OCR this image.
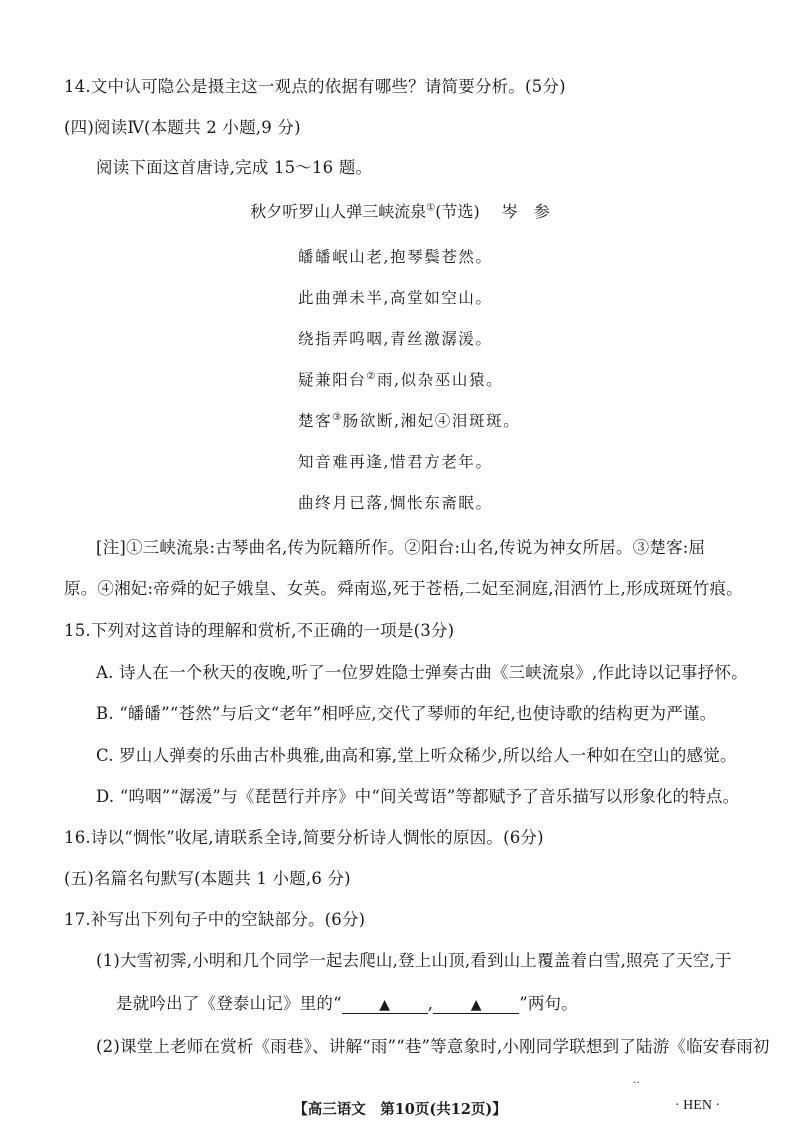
14.文中认可隐公是摄主这一观点的依据有哪些？请简要分析。(5分)
(四)阅读Ⅳ(本题共 2 小题,9 分)
阅读下面这首唐诗,完成 15～16 题。
秋夕听罗山人弹三峡流泉①(节选) 岑　参
皤皤岷山老,抱琴鬓苍然。
此曲弹未半,高堂如空山。
绕指弄呜咽,青丝激潺湲。
疑兼阳台②雨,似杂巫山猿。
楚客③肠欲断,湘妃④泪斑斑。
知音难再逢,惜君方老年。
曲终月已落,惆怅东斋眠。
[注]①三峡流泉:古琴曲名,传为阮籍所作。②阳台:山名,传说为神女所居。③楚客:屈
原。④湘妃:帝舜的妃子娥皇、女英。舜南巡,死于苍梧,二妃至洞庭,泪洒竹上,形成斑斑竹痕。
15.下列对这首诗的理解和赏析,不正确的一项是(3分)
A. 诗人在一个秋天的夜晚,听了一位罗姓隐士弹奏古曲《三峡流泉》,作此诗以记事抒怀。
B. “皤皤”“苍然”与后文“老年”相呼应,交代了琴师的年纪,也使诗歌的结构更为严谨。
C. 罗山人弹奏的乐曲古朴典雅,曲高和寡,堂上听众稀少,所以给人一种如在空山的感觉。
D. “呜咽”“潺湲”与《琵琶行并序》中“间关莺语”等都赋予了音乐描写以形象化的特点。
16.诗以“惆怅”收尾,请联系全诗,简要分析诗人惆怅的原因。(6分)
(五)名篇名句默写(本题共 1 小题,6 分)
17.补写出下列句子中的空缺部分。(6分)
(1)大雪初霁,小明和几个同学一起去爬山,登上山顶,看到山上覆盖着白雪,照亮了天空,于
是就吟出了《登泰山记》里的“	▲ ,	▲ ”两句。
(2)课堂上老师在赏析《雨巷》、讲解“雨”“巷”等意象时,小刚同学联想到了陆游《临安春雨初
‥
【高三语文　第10页(共12页)】	· HEN ·
